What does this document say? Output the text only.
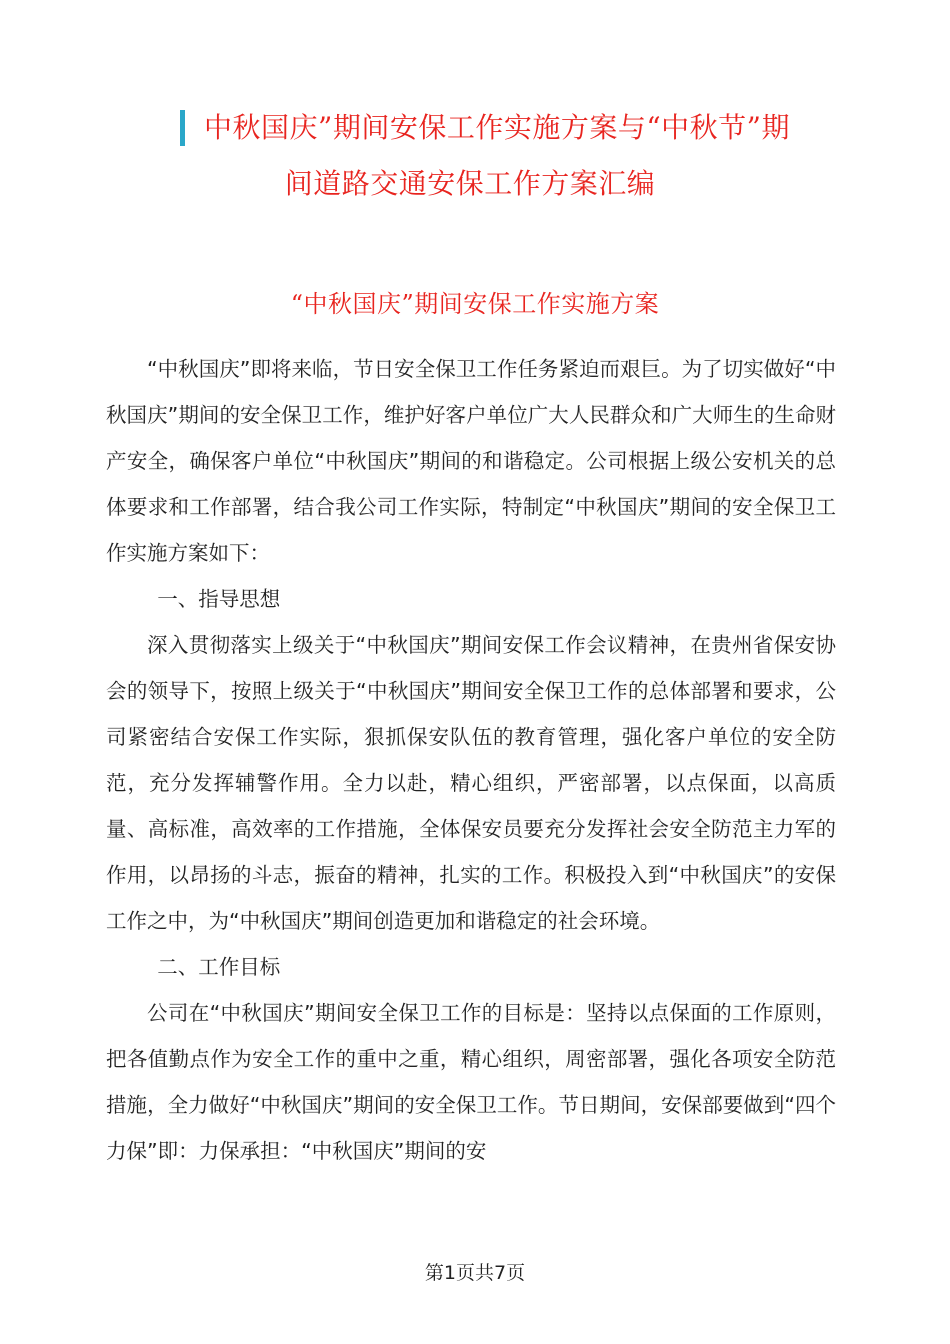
中秋国庆”期间安保工作实施方案与“中秋节”期
间道路交通安保工作方案汇编
“中秋国庆”期间安保工作实施方案

“中秋国庆”即将来临，节日安全保卫工作任务紧迫而艰巨。为了切实做好“中秋国庆”期间的安全保卫工作，维护好客户单位广大人民群众和广大师生的生命财产安全，确保客户单位“中秋国庆”期间的和谐稳定。公司根据上级公安机关的总体要求和工作部署，结合我公司工作实际，特制定“中秋国庆”期间的安全保卫工作实施方案如下：

一、指导思想

深入贯彻落实上级关于“中秋国庆”期间安保工作会议精神，在贵州省保安协会的领导下，按照上级关于“中秋国庆”期间安全保卫工作的总体部署和要求，公司紧密结合安保工作实际，狠抓保安队伍的教育管理，强化客户单位的安全防范，充分发挥辅警作用。全力以赴，精心组织，严密部署，以点保面，以高质量、高标准，高效率的工作措施，全体保安员要充分发挥社会安全防范主力军的作用，以昂扬的斗志，振奋的精神，扎实的工作。积极投入到“中秋国庆”的安保工作之中，为“中秋国庆”期间创造更加和谐稳定的社会环境。

二、工作目标

公司在“中秋国庆”期间安全保卫工作的目标是：坚持以点保面的工作原则，把各值勤点作为安全工作的重中之重，精心组织，周密部署，强化各项安全防范措施，全力做好“中秋国庆”期间的安全保卫工作。节日期间，安保部要做到“四个力保”即：力保承担：“中秋国庆”期间的安

第1页共7页
